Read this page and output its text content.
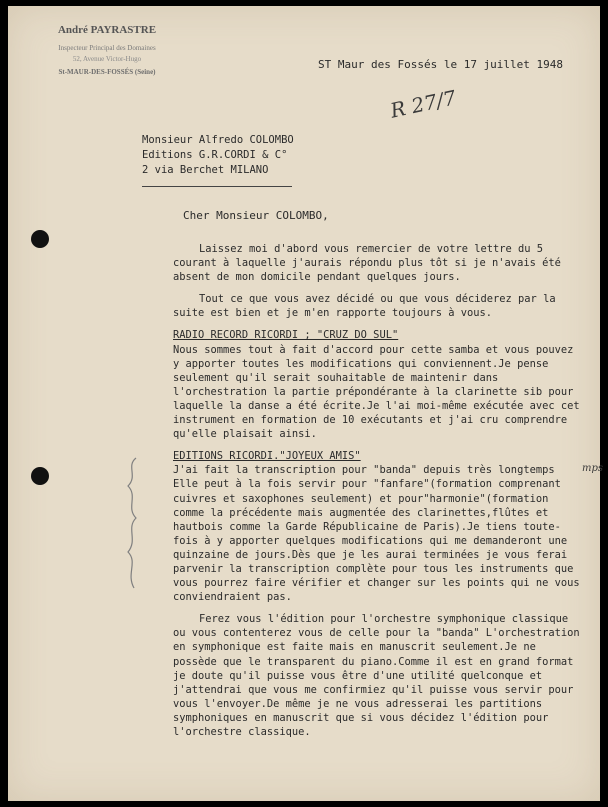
André PAYRASTRE
Inspecteur Principal des Domaines
52, Avenue Victor-Hugo
St-MAUR-DES-FOSSÉS (Seine)
ST Maur des Fossés le 17 juillet 1948
R 27/7
Monsieur Alfredo COLOMBO
Editions G.R.CORDI & C°
2 via Berchet MILANO
Cher Monsieur COLOMBO,

Laissez moi d'abord vous remercier de votre lettre du 5 courant à laquelle j'aurais répondu plus tôt si je n'avais été absent de mon domicile pendant quelques jours.

Tout ce que vous avez décidé ou que vous déciderez par la suite est bien et je m'en rapporte toujours à vous.

RADIO RECORD RICORDI ; "CRUZ DO SUL"

Nous sommes tout à fait d'accord pour cette samba et vous pouvez y apporter toutes les modifications qui conviennent.Je pense seulement qu'il serait souhaitable de maintenir dans l'orchestration la partie prépondérante à la clarinette sib pour laquelle la danse a été écrite.Je l'ai moi-même exécutée avec cet instrument en formation de 10 exécutants et j'ai cru comprendre qu'elle plaisait ainsi.

EDITIONS RICORDI."JOYEUX AMIS"

J'ai fait la transcription pour "banda" depuis très longtemps Elle peut à la fois servir pour "fanfare"(formation comprenant cuivres et saxophones seulement) et pour"harmonie"(formation comme la précédente mais augmentée des clarinettes,flûtes et hautbois comme la Garde Républicaine de Paris).Je tiens toute-fois à y apporter quelques modifications qui me demanderont une quinzaine de jours.Dès que je les aurai terminées je vous ferai parvenir la transcription complète pour tous les instruments que vous pourrez faire vérifier et changer sur les points qui ne vous conviendraient pas.

Ferez vous l'édition pour l'orchestre symphonique classique ou vous contenterez vous de celle pour la "banda" L'orchestration en symphonique est faite mais en manuscrit seulement.Je ne possède que le transparent du piano.Comme il est en grand format je doute qu'il puisse vous être d'une utilité quelconque et j'attendrai que vous me confirmiez qu'il puisse vous servir pour vous l'envoyer.De même je ne vous adresserai les partitions symphoniques en manuscrit que si vous décidez l'édition pour l'orchestre classique.

mps
